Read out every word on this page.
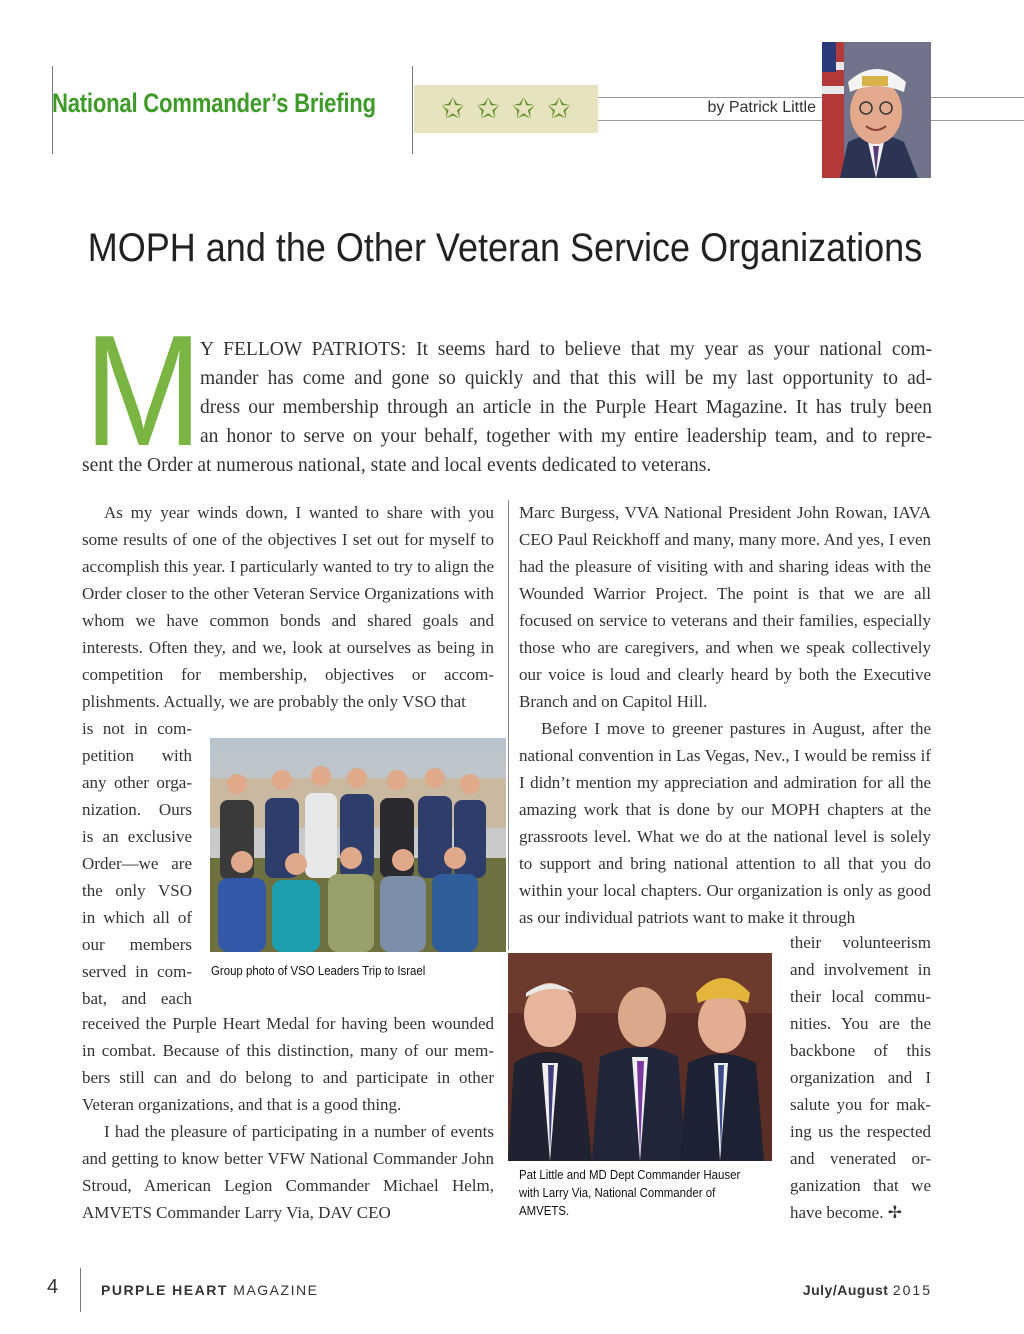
National Commander’s Briefing ✩ ✩ ✩ ✩	by Patrick Little
MOPH and the Other Veteran Service Organizations
M
Y FELLOW PATRIOTS: It seems hard to believe that my year as your national com-
mander has come and gone so quickly and that this will be my last opportunity to ad-
dress our membership through an article in the Purple Heart Magazine. It has truly been
an honor to serve on your behalf, together with my entire leadership team, and to repre-
sent the Order at numerous national, state and local events dedicated to veterans.

As my year winds down, I wanted to share with you some results of one of the objectives I set out for myself to accomplish this year. I particularly wanted to try to align the Order closer to the other Veteran Service Organizations with whom we have common bonds and shared goals and interests. Often they, and we, look at ourselves as being in competition for membership, objectives or accomplishments. Actually, we are probably the only VSO that

is not in com-
petition with
any other orga-
nization. Ours
is an exclusive
Order—we are
the only VSO
in which all of
our members
served in com-
bat, and each
Group photo of VSO Leaders Trip to Israel

received the Purple Heart Medal for having been wounded in combat. Because of this distinction, many of our members still can and do belong to and participate in other Veteran organizations, and that is a good thing.

I had the pleasure of participating in a number of events and getting to know better VFW National Commander John Stroud, American Legion Commander Michael Helm, AMVETS Commander Larry Via, DAV CEO

Marc Burgess, VVA National President John Rowan, IAVA CEO Paul Reickhoff and many, many more. And yes, I even had the pleasure of visiting with and sharing ideas with the Wounded Warrior Project. The point is that we are all focused on service to veterans and their families, especially those who are caregivers, and when we speak collectively our voice is loud and clearly heard by both the Executive Branch and on Capitol Hill.

Before I move to greener pastures in August, after the national convention in Las Vegas, Nev., I would be remiss if I didn’t mention my appreciation and admiration for all the amazing work that is done by our MOPH chapters at the grassroots level. What we do at the national level is solely to support and bring national attention to all that you do within your local chapters. Our organization is only as good as our individual patriots want to make it through

Pat Little and MD Dept Commander Hauser with Larry Via, National Commander of AMVETS.
their volunteerism
and involvement in
their local commu-
nities. You are the
backbone of this
organization and I
salute you for mak-
ing us the respected
and venerated or-
ganization that we
have become. ✢
4	PURPLE HEART MAGAZINE	July/August 2015
